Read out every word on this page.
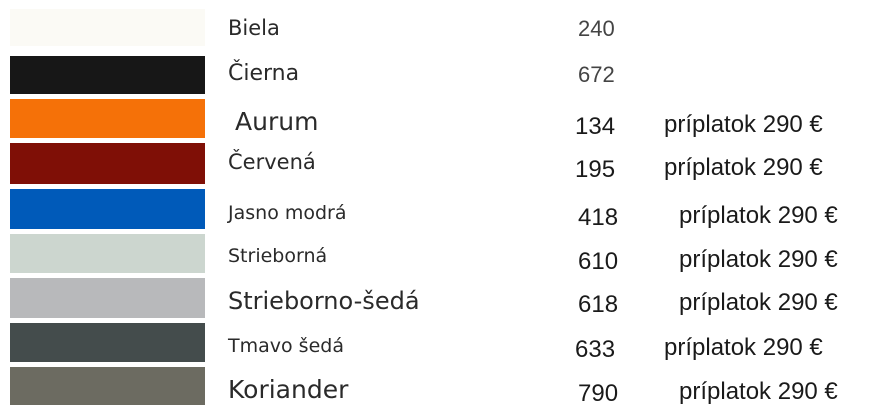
Biela	240
Čierna	672
Aurum	134 príplatok 290 €
Červená	195 príplatok 290 €
Jasno modrá	418	príplatok 290 €
Strieborná	610	príplatok 290 €
Strieborno-šedá	618	príplatok 290 €
Tmavo šedá	633 príplatok 290 €
Koriander	790	príplatok 290 €
